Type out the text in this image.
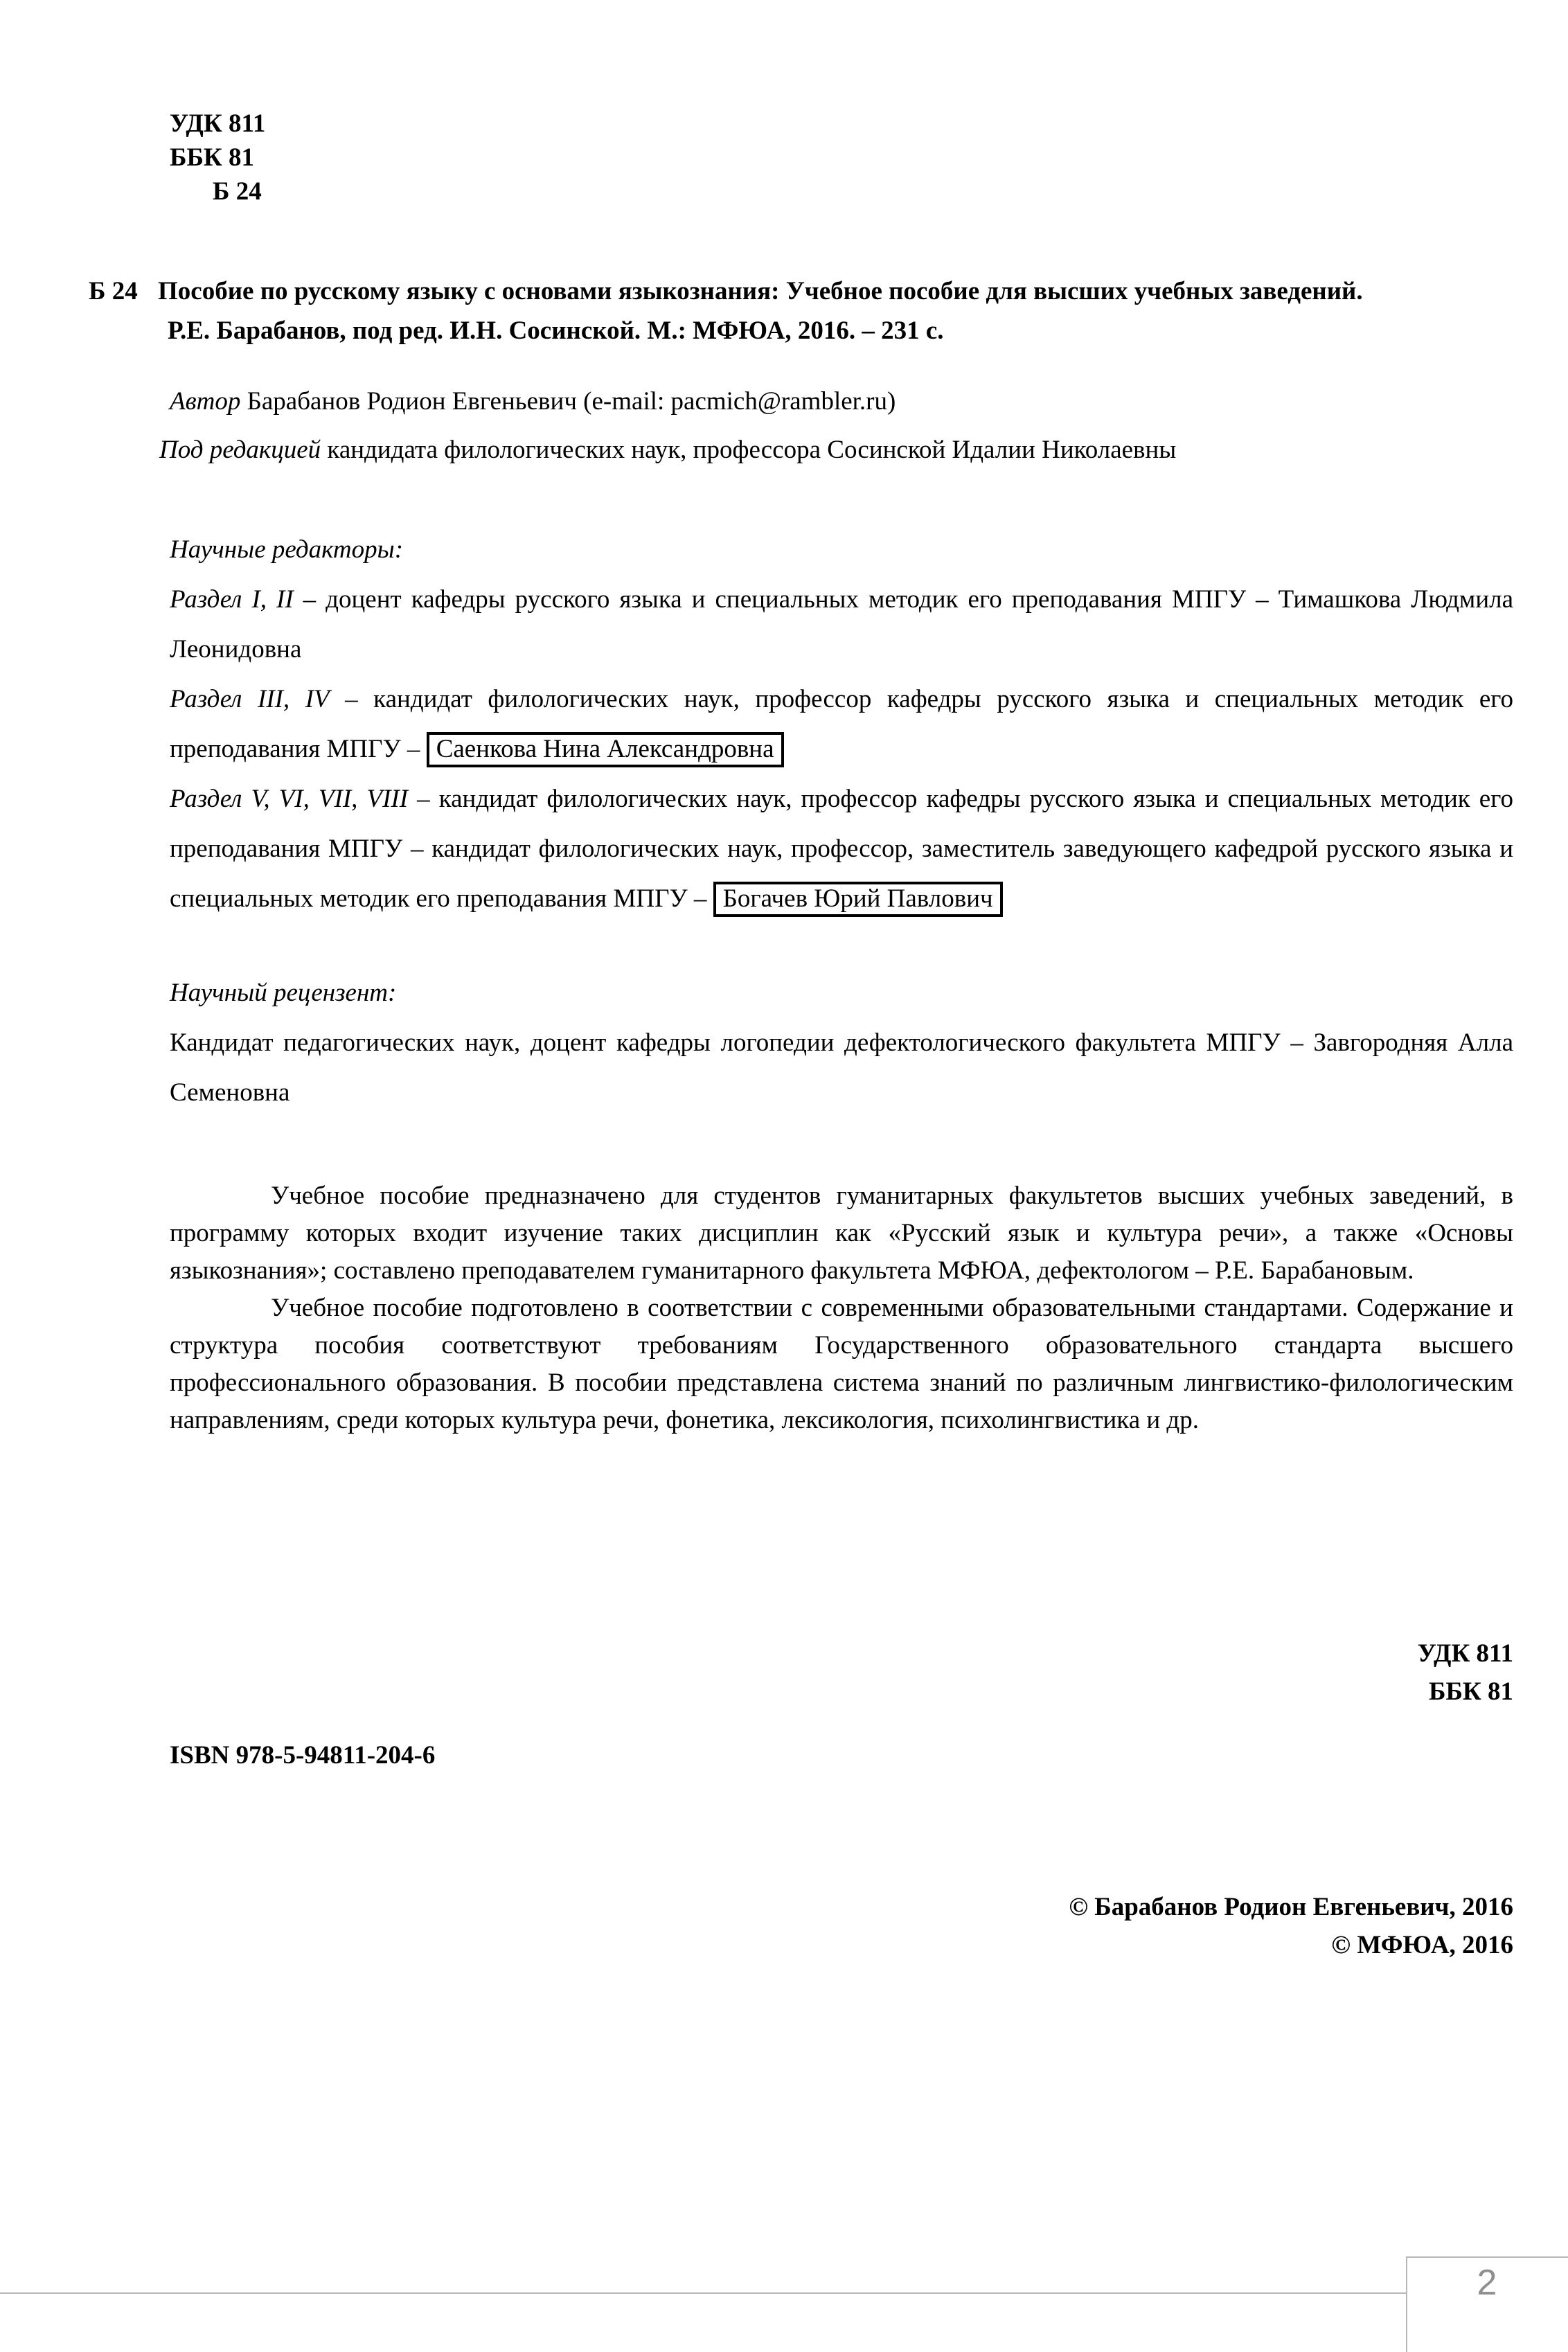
УДК 811
ББК 81
Б 24
Б 24 Пособие по русскому языку с основами языкознания: Учебное пособие для высших учебных заведений.
Р.Е. Барабанов, под ред. И.Н. Сосинской. М.: МФЮА, 2016. – 231 с.
Автор Барабанов Родион Евгеньевич (e-mail: pacmich@rambler.ru)
Под редакцией кандидата филологических наук, профессора Сосинской Идалии Николаевны
Научные редакторы:
Раздел I, II – доцент кафедры русского языка и специальных методик его преподавания МПГУ – Тимашкова Людмила Леонидовна
Раздел III, IV – кандидат филологических наук, профессор кафедры русского языка и специальных методик его преподавания МПГУ – Саенкова Нина Александровна
Раздел V, VI, VII, VIII – кандидат филологических наук, профессор кафедры русского языка и специальных методик его преподавания МПГУ – кандидат филологических наук, профессор, заместитель заведующего кафедрой русского языка и специальных методик его преподавания МПГУ – Богачев Юрий Павлович
Научный рецензент:
Кандидат педагогических наук, доцент кафедры логопедии дефектологического факультета МПГУ – Завгородняя Алла Семеновна

Учебное пособие предназначено для студентов гуманитарных факультетов высших учебных заведений, в программу которых входит изучение таких дисциплин как «Русский язык и культура речи», а также «Основы языкознания»; составлено преподавателем гуманитарного факультета МФЮА, дефектологом – Р.Е. Барабановым.

Учебное пособие подготовлено в соответствии с современными образовательными стандартами. Содержание и структура пособия соответствуют требованиям Государственного образовательного стандарта высшего профессионального образования. В пособии представлена система знаний по различным лингвистико-филологическим направлениям, среди которых культура речи, фонетика, лексикология, психолингвистика и др.

УДК 811
ББК 81
ISBN 978-5-94811-204-6
© Барабанов Родион Евгеньевич, 2016
© МФЮА, 2016
2
